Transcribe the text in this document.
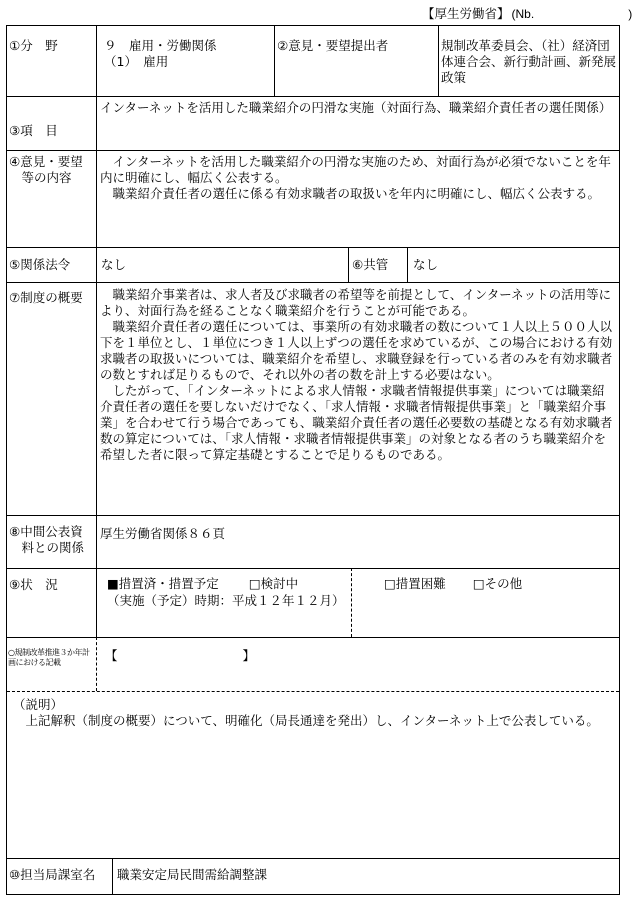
【厚生労働省】 (Nb.	)
①分　野	９　雇用・労働関係
（1）　雇用
②意見・要望提出者	規制改革委員会、（社）経済団体連合会、新行動計画、新発展政策
③項　目
インターネットを活用した職業紹介の円滑な実施（対面行為、職業紹介責任者の選任関係）
④意見・要望
　等の内容
　インターネットを活用した職業紹介の円滑な実施のため、対面行為が必須でないことを年内に明確にし、幅広く公表する。
　職業紹介責任者の選任に係る有効求職者の取扱いを年内に明確にし、幅広く公表する。
⑤関係法令	なし	⑥共管	なし
⑦制度の概要	　職業紹介事業者は、求人者及び求職者の希望等を前提として、インターネットの活用等により、対面行為を経ることなく職業紹介を行うことが可能である。
　職業紹介責任者の選任については、事業所の有効求職者の数について１人以上５００人以下を１単位とし、１単位につき１人以上ずつの選任を求めているが、この場合における有効求職者の取扱いについては、職業紹介を希望し、求職登録を行っている者のみを有効求職者の数とすれば足りるもので、それ以外の者の数を計上する必要はない。
　したがって、「インターネットによる求人情報・求職者情報提供事業」については職業紹介責任者の選任を要しないだけでなく、「求人情報・求職者情報提供事業」と「職業紹介事業」を合わせて行う場合であっても、職業紹介責任者の選任必要数の基礎となる有効求職者数の算定については、「求人情報・求職者情報提供事業」の対象となる者のうち職業紹介を希望した者に限って算定基礎とすることで足りるものである。
⑧中間公表資
　料との関係
厚生労働省関係８６頁
⑨状　況	■措置済・措置予定 □検討中
（実施（予定）時期：平成１２年１２月）
□措置困難 □その他
○規制改革推進３か年計画における記載	【　　　　　　　　　　】
（説明）
　上記解釈（制度の概要）について、明確化（局長通達を発出）し、インターネット上で公表している。
⑩担当局課室名	職業安定局民間需給調整課
